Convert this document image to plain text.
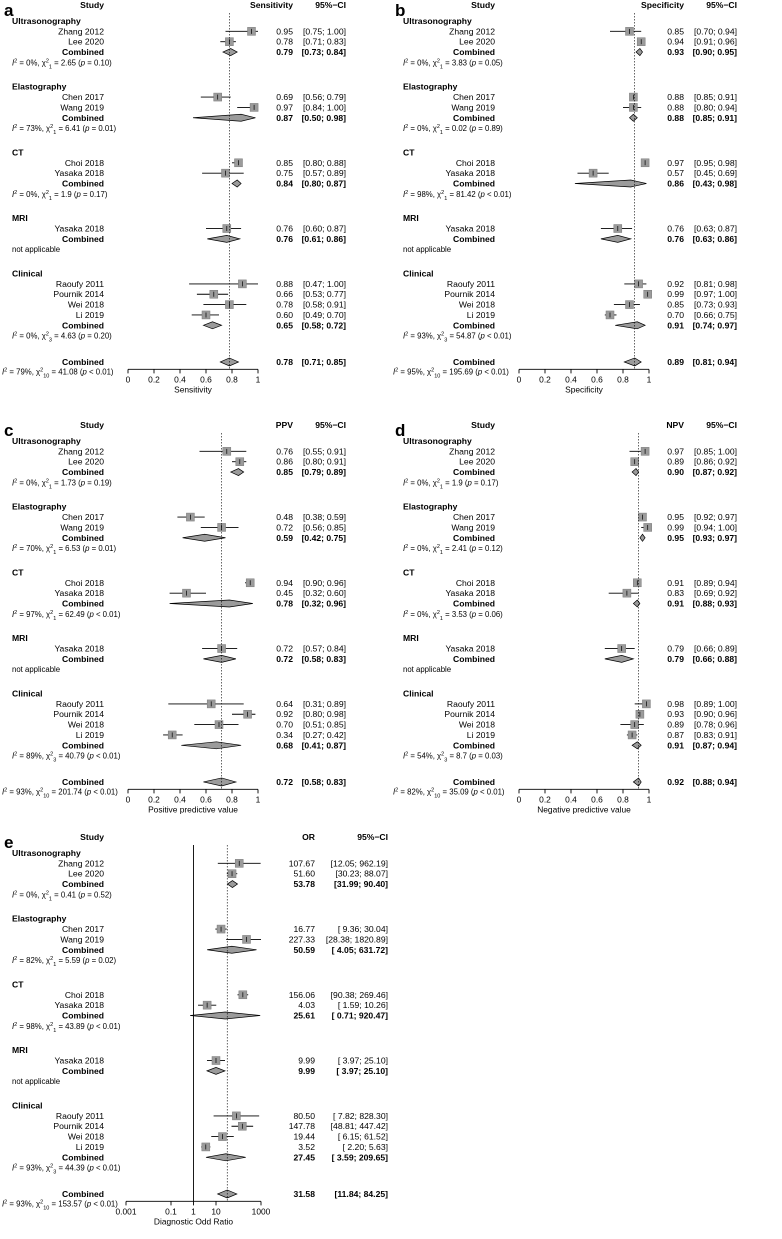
a	Study	Sensitivity	95%−CI
Ultrasonography
Zhang 2012	0.95 [0.75; 1.00]
Lee 2020	0.78 [0.71; 0.83]
Combined	0.79 [0.73; 0.84]
$I^2 = 0\%$, $\chi^2_1 = 2.65$ (p = 0.10)
Elastography
Chen 2017	0.69 [0.56; 0.79]
Wang 2019	0.97 [0.84; 1.00]
Combined	0.87 [0.50; 0.98]
$I^2 = 73\%$, $\chi^2_1 = 6.41$ (p = 0.01)
CT
Choi 2018	0.85 [0.80; 0.88]
Yasaka 2018	0.75 [0.57; 0.89]
Combined	0.84 [0.80; 0.87]
$I^2 = 0\%$, $\chi^2_1 = 1.9$ (p = 0.17)
MRI
Yasaka 2018	0.76 [0.60; 0.87]
Combined	0.76 [0.61; 0.86]
not applicable
Clinical
Raoufy 2011	0.88 [0.47; 1.00]
Pournik 2014	0.66 [0.53; 0.77]
Wei 2018	0.78 [0.58; 0.91]
Li 2019	0.60 [0.49; 0.70]
Combined	0.65 [0.58; 0.72]
$I^2 = 0\%$, $\chi^2_3 = 4.63$ (p = 0.20)
Combined	0.78 [0.71; 0.85]
$I^2 = 79\%$, $\chi^2_{10} = 41.08$ (p < 0.01)
0 0.2 0.4 0.6 0.8 1
Sensitivity
b	Study	Specificity	95%−CI
Ultrasonography
Zhang 2012	0.85 [0.70; 0.94]
Lee 2020	0.94 [0.91; 0.96]
Combined	0.93 [0.90; 0.95]
$I^2 = 0\%$, $\chi^2_1 = 3.83$ (p = 0.05)
Elastography
Chen 2017	0.88 [0.85; 0.91]
Wang 2019	0.88 [0.80; 0.94]
Combined	0.88 [0.85; 0.91]
$I^2 = 0\%$, $\chi^2_1 = 0.02$ (p = 0.89)
CT
Choi 2018	0.97 [0.95; 0.98]
Yasaka 2018	0.57 [0.45; 0.69]
Combined	0.86 [0.43; 0.98]
$I^2 = 98\%$, $\chi^2_1 = 81.42$ (p < 0.01)
MRI
Yasaka 2018	0.76 [0.63; 0.87]
Combined	0.76 [0.63; 0.86]
not applicable
Clinical
Raoufy 2011	0.92 [0.81; 0.98]
Pournik 2014	0.99 [0.97; 1.00]
Wei 2018	0.85 [0.73; 0.93]
Li 2019	0.70 [0.66; 0.75]
Combined	0.91 [0.74; 0.97]
$I^2 = 93\%$, $\chi^2_3 = 54.87$ (p < 0.01)
Combined	0.89 [0.81; 0.94]
$I^2 = 95\%$, $\chi^2_{10} = 195.69$ (p < 0.01)
0 0.2 0.4 0.6 0.8 1
Specificity
c	Study	PPV	95%−CI
Ultrasonography
Zhang 2012	0.76 [0.55; 0.91]
Lee 2020	0.86 [0.80; 0.91]
Combined	0.85 [0.79; 0.89]
$I^2 = 0\%$, $\chi^2_1 = 1.73$ (p = 0.19)
Elastography
Chen 2017	0.48 [0.38; 0.59]
Wang 2019	0.72 [0.56; 0.85]
Combined	0.59 [0.42; 0.75]
$I^2 = 70\%$, $\chi^2_1 = 6.53$ (p = 0.01)
CT
Choi 2018	0.94 [0.90; 0.96]
Yasaka 2018	0.45 [0.32; 0.60]
Combined	0.78 [0.32; 0.96]
$I^2 = 97\%$, $\chi^2_1 = 62.49$ (p < 0.01)
MRI
Yasaka 2018	0.72 [0.57; 0.84]
Combined	0.72 [0.58; 0.83]
not applicable
Clinical
Raoufy 2011	0.64 [0.31; 0.89]
Pournik 2014	0.92 [0.80; 0.98]
Wei 2018	0.70 [0.51; 0.85]
Li 2019	0.34 [0.27; 0.42]
Combined	0.68 [0.41; 0.87]
$I^2 = 89\%$, $\chi^2_3 = 40.79$ (p < 0.01)
Combined	0.72 [0.58; 0.83]
$I^2 = 93\%$, $\chi^2_{10} = 201.74$ (p < 0.01)
0 0.2 0.4 0.6 0.8 1
Positive predictive value
d	Study	NPV	95%−CI
Ultrasonography
Zhang 2012	0.97 [0.85; 1.00]
Lee 2020	0.89 [0.86; 0.92]
Combined	0.90 [0.87; 0.92]
$I^2 = 0\%$, $\chi^2_1 = 1.9$ (p = 0.17)
Elastography
Chen 2017	0.95 [0.92; 0.97]
Wang 2019	0.99 [0.94; 1.00]
Combined	0.95 [0.93; 0.97]
$I^2 = 0\%$, $\chi^2_1 = 2.41$ (p = 0.12)
CT
Choi 2018	0.91 [0.89; 0.94]
Yasaka 2018	0.83 [0.69; 0.92]
Combined	0.91 [0.88; 0.93]
$I^2 = 0\%$, $\chi^2_1 = 3.53$ (p = 0.06)
MRI
Yasaka 2018	0.79 [0.66; 0.89]
Combined	0.79 [0.66; 0.88]
not applicable
Clinical
Raoufy 2011	0.98 [0.89; 1.00]
Pournik 2014	0.93 [0.90; 0.96]
Wei 2018	0.89 [0.78; 0.96]
Li 2019	0.87 [0.83; 0.91]
Combined	0.91 [0.87; 0.94]
$I^2 = 54\%$, $\chi^2_3 = 8.7$ (p = 0.03)
Combined	0.92 [0.88; 0.94]
$I^2 = 82\%$, $\chi^2_{10} = 35.09$ (p < 0.01)
0 0.2 0.4 0.6 0.8 1
Negative predictive value
e	Study	OR	95%−CI
Ultrasonography
Zhang 2012	107.67 [12.05; 962.19]
Lee 2020	51.60 [30.23; 88.07]
Combined	53.78 [31.99; 90.40]
$I^2 = 0\%$, $\chi^2_1 = 0.41$ (p = 0.52)
Elastography
Chen 2017	16.77	[ 9.36; 30.04]
Wang 2019	227.33 [28.38; 1820.89]
Combined	50.59 [ 4.05; 631.72]
$I^2 = 82\%$, $\chi^2_1 = 5.59$ (p = 0.02)
CT
Choi 2018	156.06 [90.38; 269.46]
Yasaka 2018	4.03	[ 1.59; 10.26]
Combined	25.61 [ 0.71; 920.47]
$I^2 = 98\%$, $\chi^2_1 = 43.89$ (p < 0.01)
MRI
Yasaka 2018	9.99	[ 3.97; 25.10]
Combined	9.99 [ 3.97; 25.10]
not applicable
Clinical
Raoufy 2011	80.50 [ 7.82; 828.30]
Pournik 2014	147.78 [48.81; 447.42]
Wei 2018	19.44	[ 6.15; 61.52]
Li 2019	3.52	[ 2.20; 5.63]
Combined	27.45 [ 3.59; 209.65]
$I^2 = 93\%$, $\chi^2_3 = 44.39$ (p < 0.01)
Combined	31.58 [11.84; 84.25]
$I^2 = 93\%$, $\chi^2_{10} = 153.57$ (p < 0.01)
0.001	0.1 1 10	1000
Diagnostic Odd Ratio
